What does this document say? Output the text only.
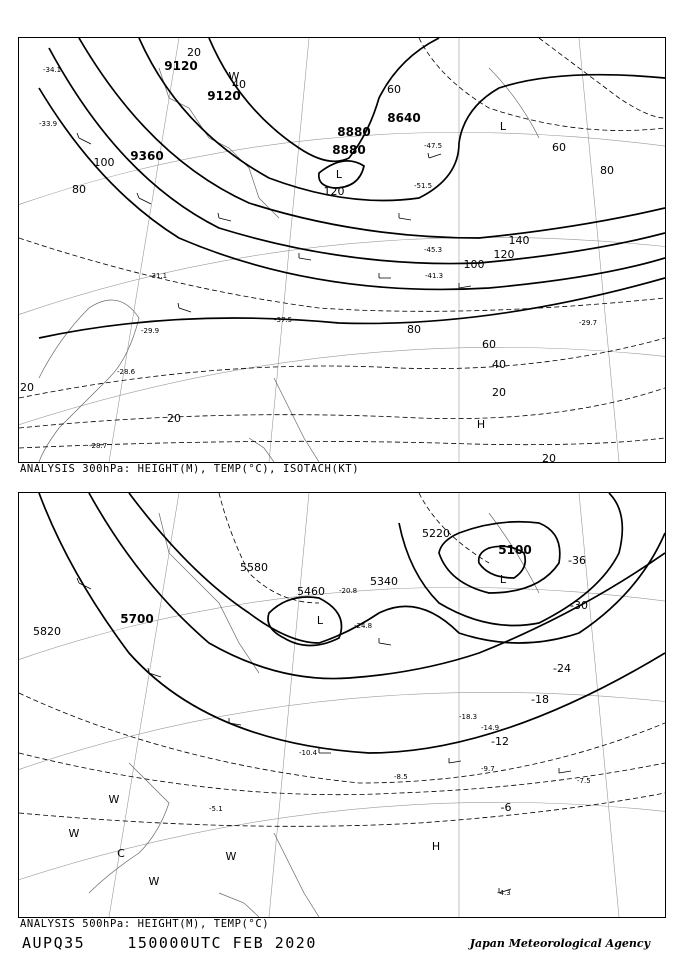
9120
9120
9360
8880
8880
8640
20
40	60
80
100
120
140
120
100
80
60
40
20
20
20
20
60
80
W
L
L
H
-34.1
-31.1
-29.9
-28.6
-28.7
-29.7
-37.5
-45.3
-51.5
-47.5
-33.9
-41.3
ANALYSIS 300hPa: HEIGHT(M), TEMP(°C), ISOTACH(KT)
5820
5700
5580
5460
5340
5220
5100
-36
-30
-24
-18
-12
-6
W
W
W
W
C
H
L
L
-7.5
-9.7
-8.5
-4.3
-20.8
-24.8
-5.1
-10.4
-14.9
-18.3
ANALYSIS 500hPa: HEIGHT(M), TEMP(°C)
AUPQ35	150000UTC FEB 2020	Japan Meteorological Agency
